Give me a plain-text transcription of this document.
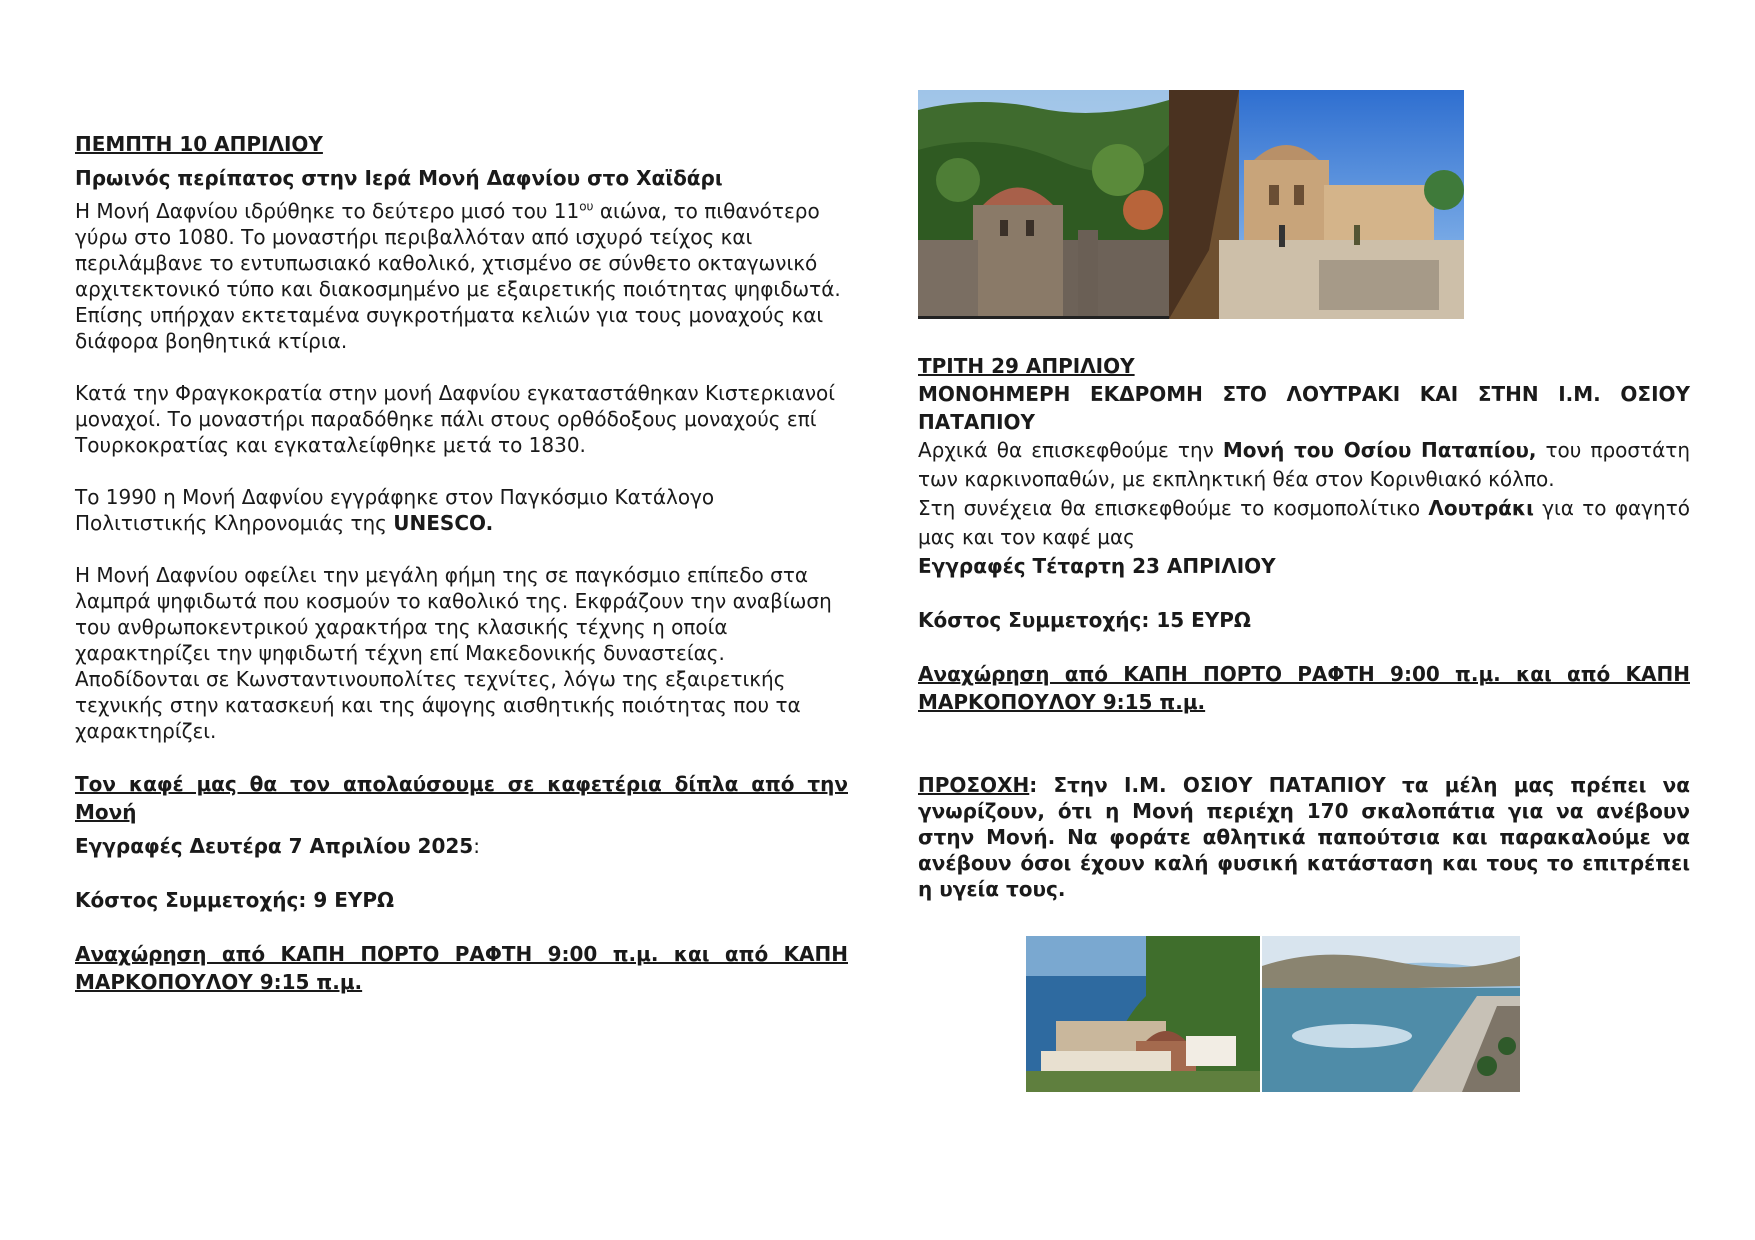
ΠΕΜΠΤΗ 10 ΑΠΡΙΛΙΟΥ

Πρωινός περίπατος στην Ιερά Μονή Δαφνίου στο Χαϊδάρι

Η Μονή Δαφνίου ιδρύθηκε το δεύτερο μισό του $11^{o\upsilon}$ αιώνα, το πιθανότερο γύρω στο 1080. Το μοναστήρι περιβαλλόταν από ισχυρό τείχος και περιλάμβανε το εντυπωσιακό καθολικό, χτισμένο σε σύνθετο οκταγωνικό αρχιτεκτονικό τύπο και διακοσμημένο με εξαιρετικής ποιότητας ψηφιδωτά. Επίσης υπήρχαν εκτεταμένα συγκροτήματα κελιών για τους μοναχούς και διάφορα βοηθητικά κτίρια.

Κατά την Φραγκοκρατία στην μονή Δαφνίου εγκαταστάθηκαν Κιστερκιανοί μοναχοί. Το μοναστήρι παραδόθηκε πάλι στους ορθόδοξους μοναχούς επί Τουρκοκρατίας και εγκαταλείφθηκε μετά το 1830.

Το 1990 η Μονή Δαφνίου εγγράφηκε στον Παγκόσμιο Κατάλογο Πολιτιστικής Κληρονομιάς της UNESCO.

Η Μονή Δαφνίου οφείλει την μεγάλη φήμη της σε παγκόσμιο επίπεδο στα λαμπρά ψηφιδωτά που κοσμούν το καθολικό της. Εκφράζουν την αναβίωση του ανθρωποκεντρικού χαρακτήρα της κλασικής τέχνης η οποία χαρακτηρίζει την ψηφιδωτή τέχνη επί Μακεδονικής δυναστείας. Αποδίδονται σε Κωνσταντινουπολίτες τεχνίτες, λόγω της εξαιρετικής τεχνικής στην κατασκευή και της άψογης αισθητικής ποιότητας που τα χαρακτηρίζει.

Τον καφέ μας θα τον απολαύσουμε σε καφετέρια δίπλα από την Μονή

Εγγραφές Δευτέρα 7 Απριλίου 2025:

Κόστος Συμμετοχής: 9 ΕΥΡΩ

Αναχώρηση από ΚΑΠΗ ΠΟΡΤΟ ΡΑΦΤΗ 9:00 π.μ. και από ΚΑΠΗ ΜΑΡΚΟΠΟΥΛΟΥ 9:15 π.μ.

ΤΡΙΤΗ 29 ΑΠΡΙΛΙΟΥ

ΜΟΝΟΗΜΕΡΗ ΕΚΔΡΟΜΗ ΣΤΟ ΛΟΥΤΡΑΚΙ ΚΑΙ ΣΤΗΝ Ι.Μ. ΟΣΙΟΥ ΠΑΤΑΠΙΟΥ

Αρχικά θα επισκεφθούμε την Μονή του Οσίου Παταπίου, του προστάτη των καρκινοπαθών, με εκπληκτική θέα στον Κορινθιακό κόλπο.

Στη συνέχεια θα επισκεφθούμε το κοσμοπολίτικο Λουτράκι για το φαγητό μας και τον καφέ μας

Εγγραφές Τέταρτη 23 ΑΠΡΙΛΙΟΥ

Κόστος Συμμετοχής: 15 ΕΥΡΩ

Αναχώρηση από ΚΑΠΗ ΠΟΡΤΟ ΡΑΦΤΗ 9:00 π.μ. και από ΚΑΠΗ ΜΑΡΚΟΠΟΥΛΟΥ 9:15 π.μ.

ΠΡΟΣΟΧΗ: Στην Ι.Μ. ΟΣΙΟΥ ΠΑΤΑΠΙΟΥ τα μέλη μας πρέπει να γνωρίζουν, ότι η Μονή περιέχη 170 σκαλοπάτια για να ανέβουν στην Μονή. Να φοράτε αθλητικά παπούτσια και παρακαλούμε να ανέβουν όσοι έχουν καλή φυσική κατάσταση και τους το επιτρέπει η υγεία τους.
